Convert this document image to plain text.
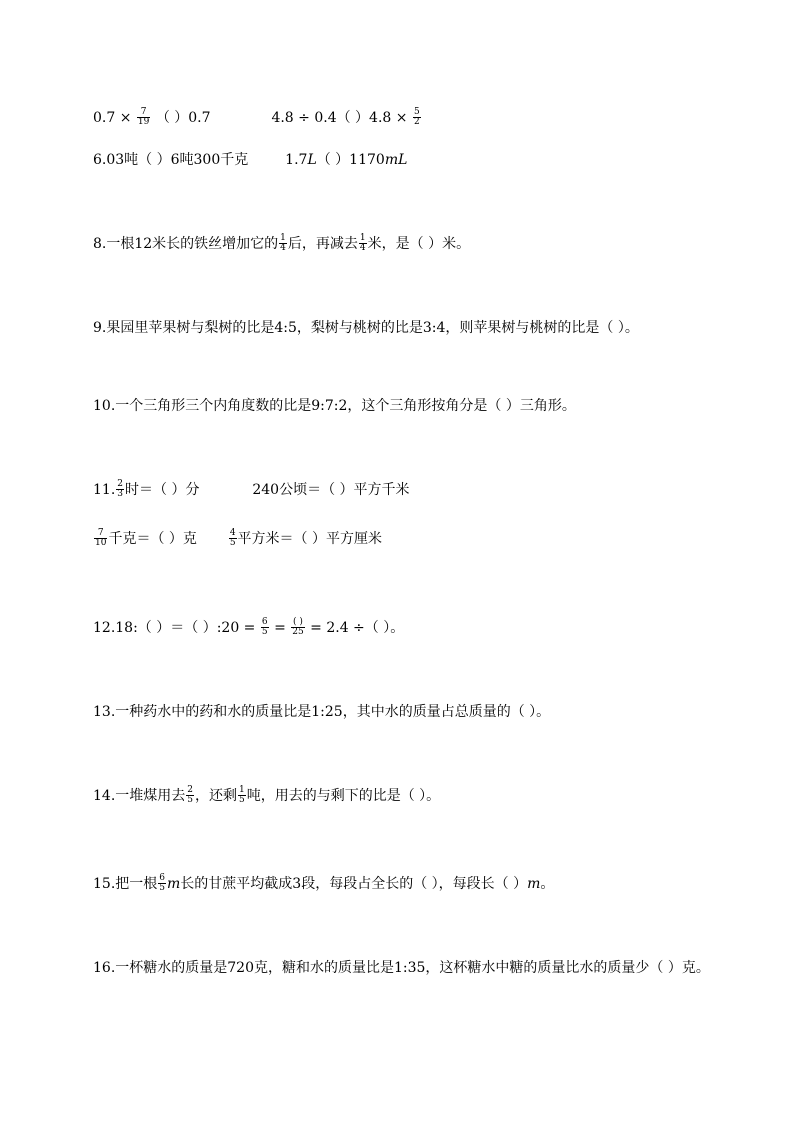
$0.7 \times \frac{7}{19}$ （ ）0.7	4.8 ÷ 0.4（ ）$4.8 \times \frac{5}{2}$
6.03吨（ ）6吨300千克	1.7L（ ）1170mL
8.一根12米长的铁丝增加它的 $\frac{1}{4}$ 后，再减去 $\frac{1}{4}$ 米，是（ ）米。
9.果园里苹果树与梨树的比是4:5，梨树与桃树的比是3:4，则苹果树与桃树的比是（ ）。
10.一个三角形三个内角度数的比是9:7:2，这个三角形按角分是（ ）三角形。
11. $\frac{2}{3}$ 时＝（ ）分	240公顷＝（ ）平方千米
$\frac{7}{10}$ 千克＝（ ）克	$\frac{4}{5}$ 平方米＝（ ）平方厘米
12.18:（ ）＝（ ）:20 = $\frac{6}{5} = \frac{( )}{25} = 2.4$ ÷（ ）。
13.一种药水中的药和水的质量比是1:25，其中水的质量占总质量的（ ）。
14.一堆煤用去 $\frac{2}{5}$ ，还剩 $\frac{1}{5}$ 吨，用去的与剩下的比是（ ）。
15.把一根 $\frac{6}{5}$ m长的甘蔗平均截成3段，每段占全长的（ ），每段长（ ）m。
16.一杯糖水的质量是720克，糖和水的质量比是1:35，这杯糖水中糖的质量比水的质量少（ ）克。
